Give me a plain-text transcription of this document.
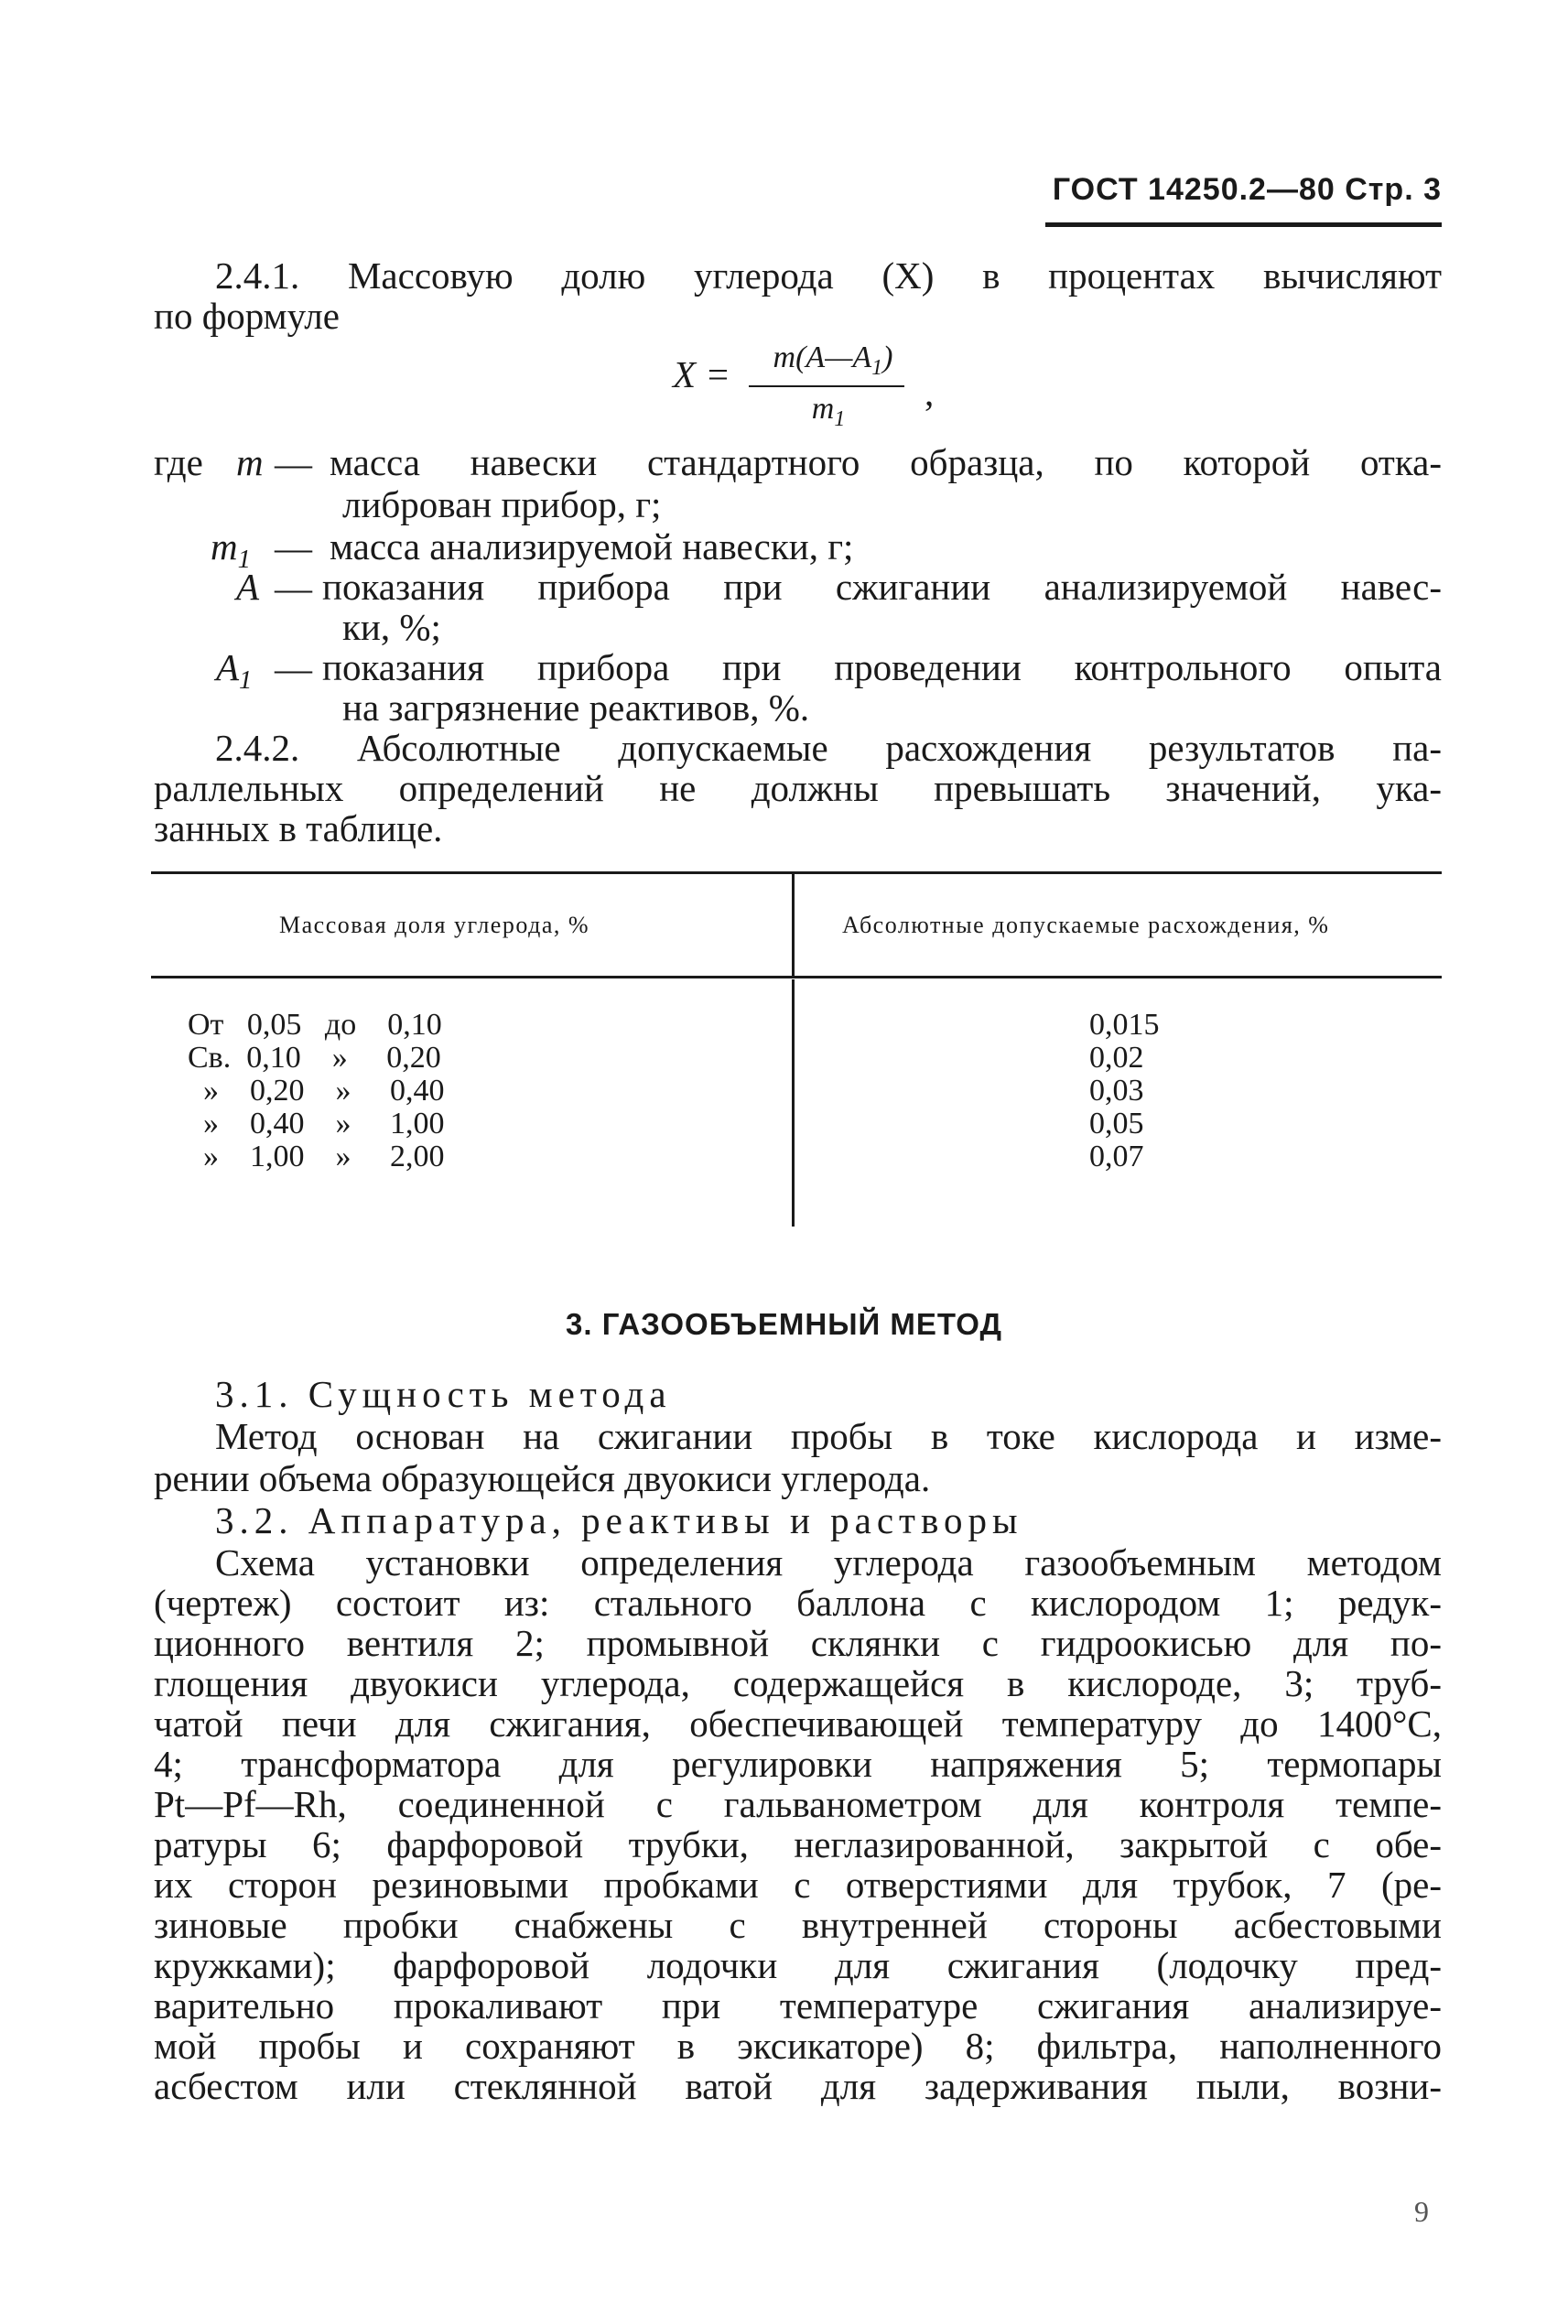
ГОСТ 14250.2—80 Стр. 3
2.4.1. Массовую долю углерода (X) в процентах вычисляют
по формуле
X =	$m(A—A_1)$
$m_1$
,
где m — масса навески стандартного образца, по которой отка-
либрован прибор, г;
$m_1$ — масса анализируемой навески, г;
A — показания прибора при сжигании анализируемой навес-
ки, %;
$A_1$ — показания прибора при проведении контрольного опыта
на загрязнение реактивов, %.
2.4.2. Абсолютные допускаемые расхождения результатов па-
раллельных определений не должны превышать значений, ука-
занных в таблице.
Массовая доля углерода, %	Абсолютные допускаемые расхождения, %
От   0,05   до    0,10	0,015
Св.  0,10    »     0,20	0,02
»    0,20    »     0,40	0,03
»    0,40    »     1,00	0,05
»    1,00    »     2,00	0,07
3. ГАЗООБЪЕМНЫЙ МЕТОД
3.1. Сущность метода
Метод основан на сжигании пробы в токе кислорода и изме-
рении объема образующейся двуокиси углерода.
3.2. Аппаратура, реактивы и растворы
Схема установки определения углерода газообъемным методом
(чертеж) состоит из: стального баллона с кислородом 1; редук-
ционного вентиля 2; промывной склянки с гидроокисью для по-
глощения двуокиси углерода, содержащейся в кислороде, 3; труб-
чатой печи для сжигания, обеспечивающей температуру до 1400°С,
4; трансформатора для регулировки напряжения 5; термопары
Pt—Pf—Rh, соединенной с гальванометром для контроля темпе-
ратуры 6; фарфоровой трубки, неглазированной, закрытой с обе-
их сторон резиновыми пробками с отверстиями для трубок, 7 (ре-
зиновые пробки снабжены с внутренней стороны асбестовыми
кружками); фарфоровой лодочки для сжигания (лодочку пред-
варительно прокаливают при температуре сжигания анализируе-
мой пробы и сохраняют в эксикаторе) 8; фильтра, наполненного
асбестом или стеклянной ватой для задерживания пыли, возни-
9
